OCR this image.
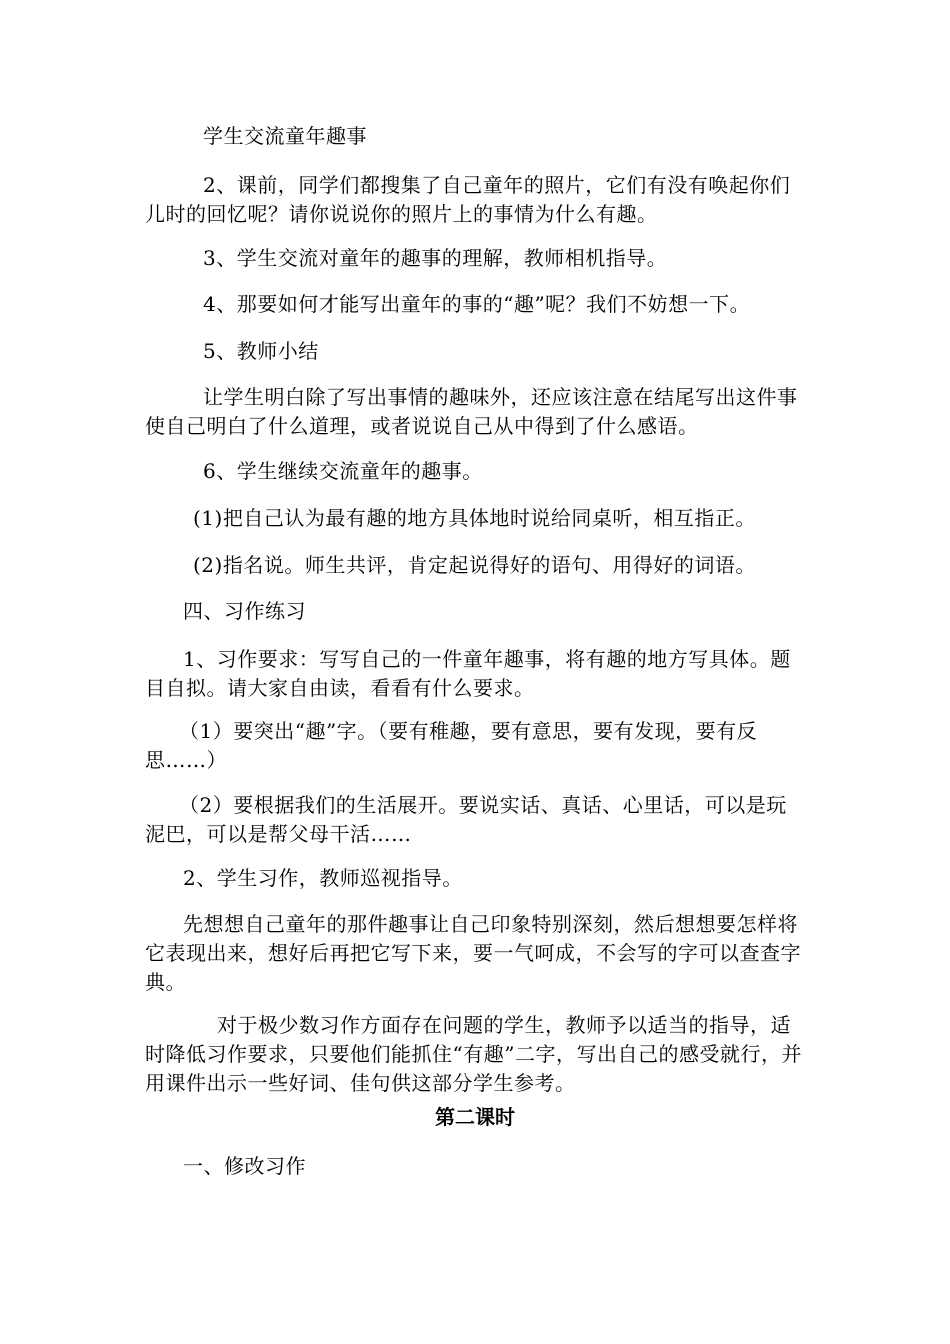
学生交流童年趣事

2、课前，同学们都搜集了自己童年的照片，它们有没有唤起你们儿时的回忆呢？请你说说你的照片上的事情为什么有趣。

3、学生交流对童年的趣事的理解，教师相机指导。

4、那要如何才能写出童年的事的“趣”呢？我们不妨想一下。

5、教师小结

让学生明白除了写出事情的趣味外，还应该注意在结尾写出这件事使自己明白了什么道理，或者说说自己从中得到了什么感语。

6、学生继续交流童年的趣事。

(1)把自己认为最有趣的地方具体地时说给同桌听，相互指正。

(2)指名说。师生共评，肯定起说得好的语句、用得好的词语。

四、习作练习

1、习作要求：写写自己的一件童年趣事，将有趣的地方写具体。题目自拟。请大家自由读，看看有什么要求。

（1）要突出“趣”字。（要有稚趣，要有意思，要有发现，要有反思……）

（2）要根据我们的生活展开。要说实话、真话、心里话，可以是玩泥巴，可以是帮父母干活……

2、学生习作，教师巡视指导。

先想想自己童年的那件趣事让自己印象特别深刻，然后想想要怎样将它表现出来，想好后再把它写下来，要一气呵成，不会写的字可以查查字典。

对于极少数习作方面存在问题的学生，教师予以适当的指导，适时降低习作要求，只要他们能抓住“有趣”二字，写出自己的感受就行，并用课件出示一些好词、佳句供这部分学生参考。

第二课时

一、修改习作
